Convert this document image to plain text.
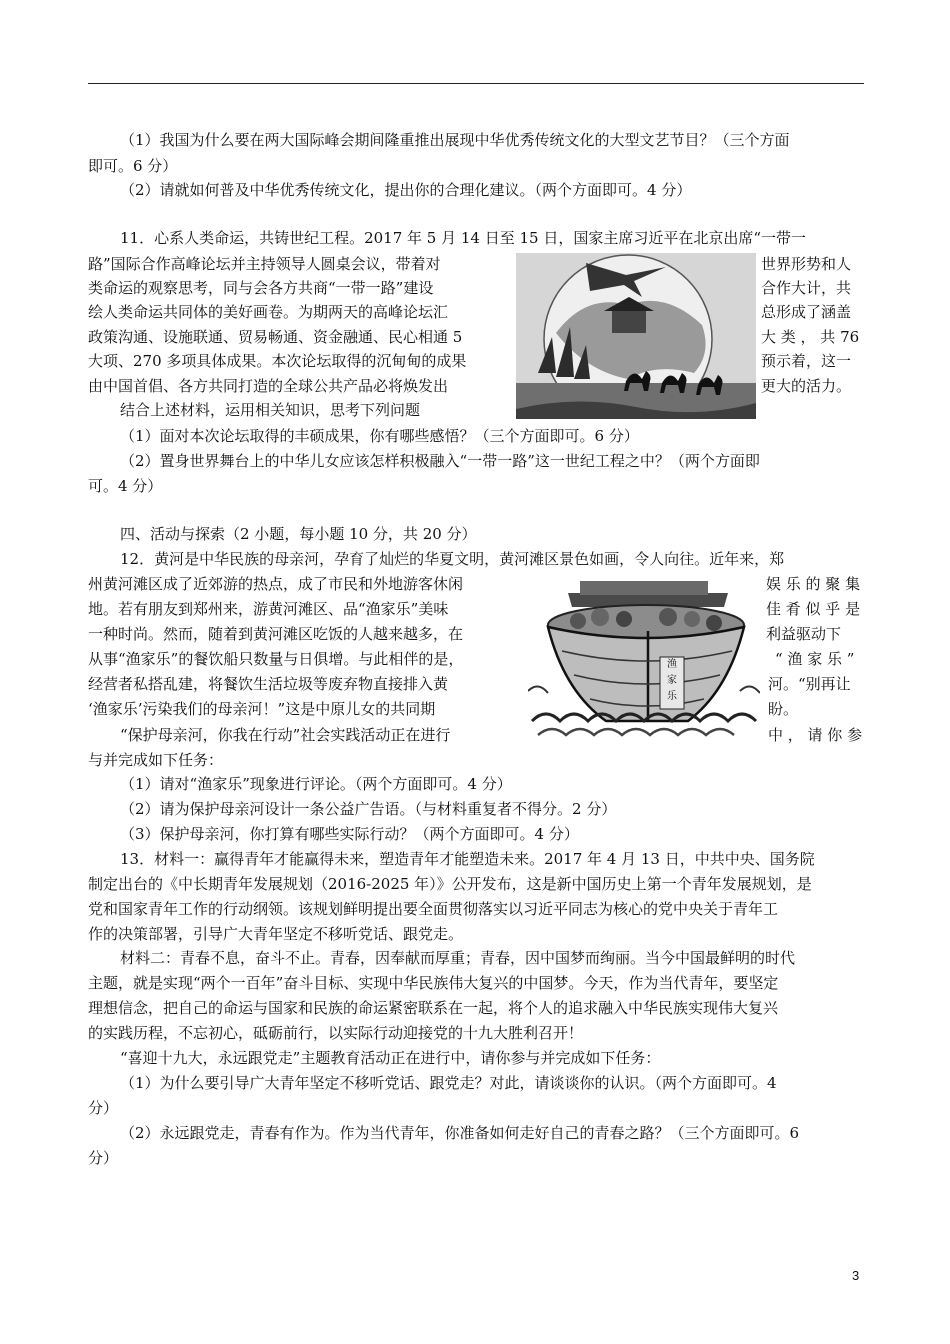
（1）我国为什么要在两大国际峰会期间隆重推出展现中华优秀传统文化的大型文艺节目？（三个方面
即可。6 分）
（2）请就如何普及中华优秀传统文化，提出你的合理化建议。（两个方面即可。4 分）
11．心系人类命运，共铸世纪工程。2017 年 5 月 14 日至 15 日，国家主席习近平在北京出席“一带一
路”国际合作高峰论坛并主持领导人圆桌会议，带着对	世界形势和人
类命运的观察思考，同与会各方共商“一带一路”建设	合作大计，共
绘人类命运共同体的美好画卷。为期两天的高峰论坛汇	总形成了涵盖
政策沟通、设施联通、贸易畅通、资金融通、民心相通 5	大 类 ， 共 76
大项、270 多项具体成果。本次论坛取得的沉甸甸的成果	预示着，这一
由中国首倡、各方共同打造的全球公共产品必将焕发出	更大的活力。
结合上述材料，运用相关知识，思考下列问题
（1）面对本次论坛取得的丰硕成果，你有哪些感悟？（三个方面即可。6 分）
（2）置身世界舞台上的中华儿女应该怎样积极融入“一带一路”这一世纪工程之中？（两个方面即
可。4 分）
四、活动与探索（2 小题，每小题 10 分，共 20 分）
12．黄河是中华民族的母亲河，孕育了灿烂的华夏文明，黄河滩区景色如画，令人向往。近年来，郑
州黄河滩区成了近郊游的热点，成了市民和外地游客休闲	娱 乐 的 聚 集
地。若有朋友到郑州来，游黄河滩区、品“渔家乐”美味	佳 肴 似 乎 是
一种时尚。然而，随着到黄河滩区吃饭的人越来越多，在	利益驱动下
从事“渔家乐”的餐饮船只数量与日俱增。与此相伴的是，	“ 渔 家 乐 ”
经营者私搭乱建，将餐饮生活垃圾等废弃物直接排入黄	河。“别再让
‘渔家乐’污染我们的母亲河！”这是中原儿女的共同期	盼。
“保护母亲河，你我在行动”社会实践活动正在进行	中 ， 请 你 参
与并完成如下任务：
（1）请对“渔家乐”现象进行评论。（两个方面即可。4 分）
（2）请为保护母亲河设计一条公益广告语。（与材料重复者不得分。2 分）
（3）保护母亲河，你打算有哪些实际行动？（两个方面即可。4 分）
渔
家
乐
13．材料一：赢得青年才能赢得未来，塑造青年才能塑造未来。2017 年 4 月 13 日，中共中央、国务院
制定出台的《中长期青年发展规划（2016-2025 年）》公开发布，这是新中国历史上第一个青年发展规划，是
党和国家青年工作的行动纲领。该规划鲜明提出要全面贯彻落实以习近平同志为核心的党中央关于青年工
作的决策部署，引导广大青年坚定不移听党话、跟党走。
材料二：青春不息，奋斗不止。青春，因奉献而厚重；青春，因中国梦而绚丽。当今中国最鲜明的时代
主题，就是实现“两个一百年”奋斗目标、实现中华民族伟大复兴的中国梦。今天，作为当代青年，要坚定
理想信念，把自己的命运与国家和民族的命运紧密联系在一起，将个人的追求融入中华民族实现伟大复兴
的实践历程，不忘初心，砥砺前行，以实际行动迎接党的十九大胜利召开！
“喜迎十九大，永远跟党走”主题教育活动正在进行中，请你参与并完成如下任务：
（1）为什么要引导广大青年坚定不移听党话、跟党走？对此，请谈谈你的认识。（两个方面即可。4
分）
（2）永远跟党走，青春有作为。作为当代青年，你准备如何走好自己的青春之路？（三个方面即可。6
分）
3
